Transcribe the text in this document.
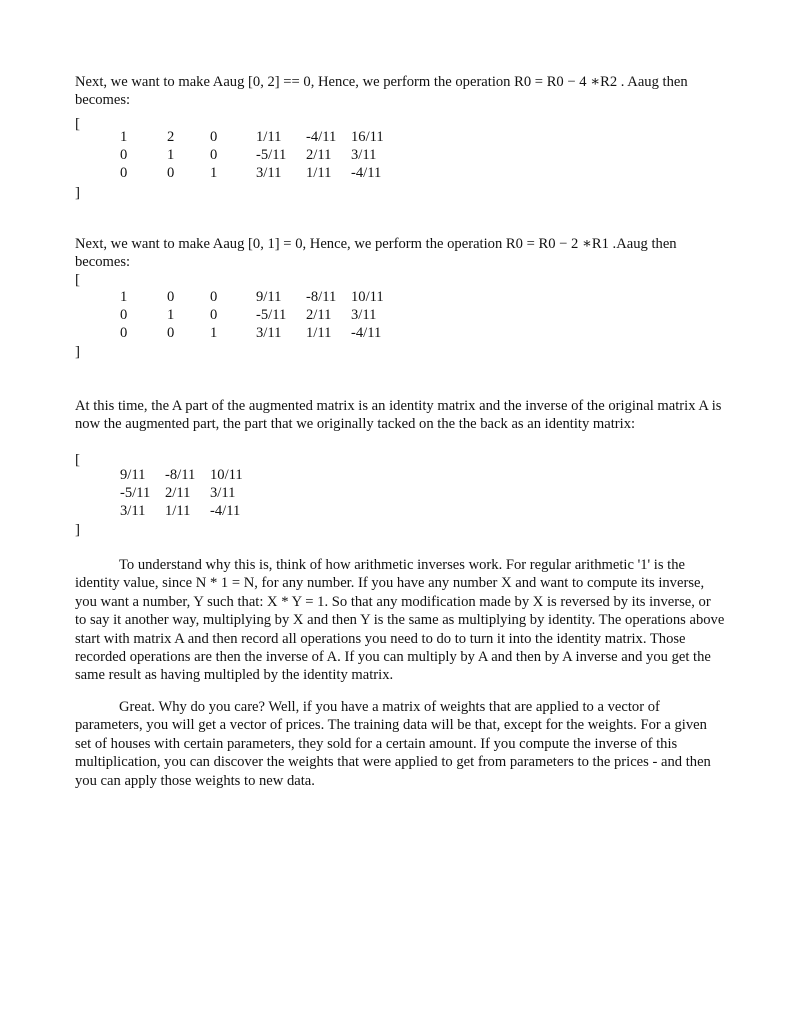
Next, we want to make Aaug [0, 2] == 0, Hence, we perform the operation R0 = R0 − 4 ∗R2 . Aaug then becomes:

[
1	2 0	1/11 -4/11 16/11
0	1 0	-5/11 2/11 3/11
0	0 1	3/11 1/11 -4/11
]

Next, we want to make Aaug [0, 1] = 0, Hence, we perform the operation R0 = R0 − 2 ∗R1 .Aaug then becomes:

[
1	0 0	9/11 -8/11 10/11
0	1 0	-5/11 2/11 3/11
0	0 1	3/11 1/11 -4/11
]

At this time, the A part of the augmented matrix is an identity matrix and the inverse of the original matrix A is now the augmented part, the part that we originally tacked on the the back as an identity matrix:

[
9/11 -8/11 10/11
-5/11 2/11 3/11
3/11 1/11 -4/11
]

To understand why this is, think of how arithmetic inverses work. For regular arithmetic '1' is the identity value, since N * 1 = N, for any number. If you have any number X and want to compute its inverse, you want a number, Y such that: X * Y = 1. So that any modification made by X is reversed by its inverse, or to say it another way, multiplying by X and then Y is the same as multiplying by identity. The operations above start with matrix A and then record all operations you need to do to turn it into the identity matrix. Those recorded operations are then the inverse of A. If you can multiply by A and then by A inverse and you get the same result as having multipled by the identity matrix.

Great. Why do you care? Well, if you have a matrix of weights that are applied to a vector of parameters, you will get a vector of prices. The training data will be that, except for the weights. For a given set of houses with certain parameters, they sold for a certain amount. If you compute the inverse of this multiplication, you can discover the weights that were applied to get from parameters to the prices - and then you can apply those weights to new data.
